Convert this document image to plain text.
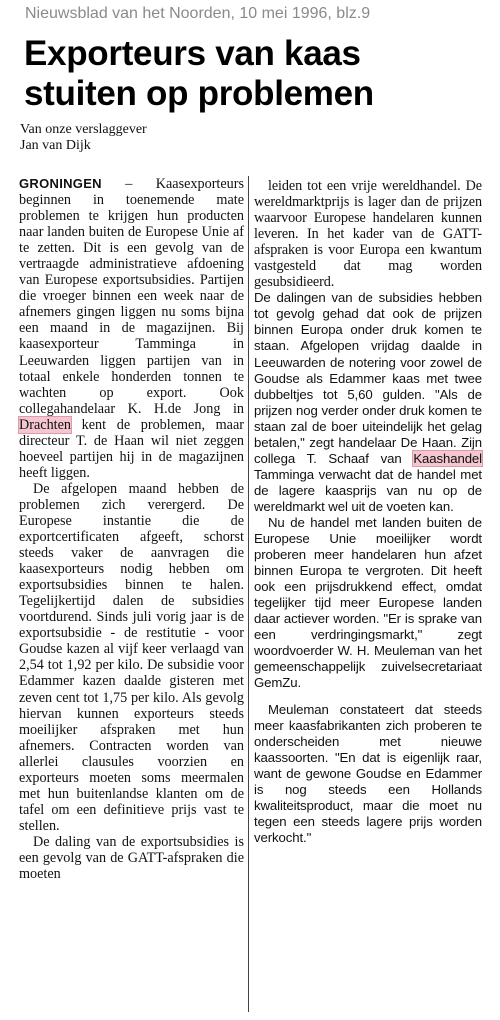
Nieuwsblad van het Noorden, 10 mei 1996, blz.9
Exporteurs van kaas
stuiten op problemen
Van onze verslaggever
Jan van Dijk

GRONINGEN – Kaasexporteurs beginnen in toenemende mate problemen te krijgen hun producten naar landen buiten de Europese Unie af te zetten. Dit is een gevolg van de vertraagde administratieve afdoening van Europese exportsubsidies. Partijen die vroeger binnen een week naar de afnemers gingen liggen nu soms bijna een maand in de magazijnen. Bij kaasexporteur Tamminga in Leeuwarden liggen partijen van in totaal enkele honderden tonnen te wachten op export. Ook collegahandelaar K. H.de Jong in Drachten kent de problemen, maar directeur T. de Haan wil niet zeggen hoeveel partijen hij in de magazijnen heeft liggen.

De afgelopen maand hebben de problemen zich verergerd. De Europese instantie die de exportcertificaten afgeeft, schorst steeds vaker de aanvragen die kaasexporteurs nodig hebben om exportsubsidies binnen te halen. Tegelijkertijd dalen de subsidies voortdurend. Sinds juli vorig jaar is de exportsubsidie - de restitutie - voor Goudse kazen al vijf keer verlaagd van 2,54 tot 1,92 per kilo. De subsidie voor Edammer kazen daalde gisteren met zeven cent tot 1,75 per kilo. Als gevolg hiervan kunnen exporteurs steeds moeilijker afspraken met hun afnemers. Contracten worden van allerlei clausules voorzien en exporteurs moeten soms meermalen met hun buitenlandse klanten om de tafel om een definitieve prijs vast te stellen.

De daling van de exportsubsidies is een gevolg van de GATT-afspraken die moeten

leiden tot een vrije wereldhandel. De wereldmarktprijs is lager dan de prijzen waarvoor Europese handelaren kunnen leveren. In het kader van de GATT-afspraken is voor Europa een kwantum vastgesteld dat mag worden gesubsidieerd.

De dalingen van de subsidies hebben tot gevolg gehad dat ook de prijzen binnen Europa onder druk komen te staan. Afgelopen vrijdag daalde in Leeuwarden de notering voor zowel de Goudse als Edammer kaas met twee dubbeltjes tot 5,60 gulden. "Als de prijzen nog verder onder druk komen te staan zal de boer uiteindelijk het gelag betalen," zegt handelaar De Haan. Zijn collega T. Schaaf van Kaashandel Tamminga verwacht dat de handel met de lagere kaasprijs van nu op de wereldmarkt wel uit de voeten kan.

Nu de handel met landen buiten de Europese Unie moeilijker wordt proberen meer handelaren hun afzet binnen Europa te vergroten. Dit heeft ook een prijsdrukkend effect, omdat tegelijker tijd meer Europese landen daar actiever worden. "Er is sprake van een verdringingsmarkt," zegt woordvoerder W. H. Meuleman van het gemeenschappelijk zuivelsecretariaat GemZu.

Meuleman constateert dat steeds meer kaasfabrikanten zich proberen te onderscheiden met nieuwe kaassoorten. "En dat is eigenlijk raar, want de gewone Goudse en Edammer is nog steeds een Hollands kwaliteitsproduct, maar die moet nu tegen een steeds lagere prijs worden verkocht."
